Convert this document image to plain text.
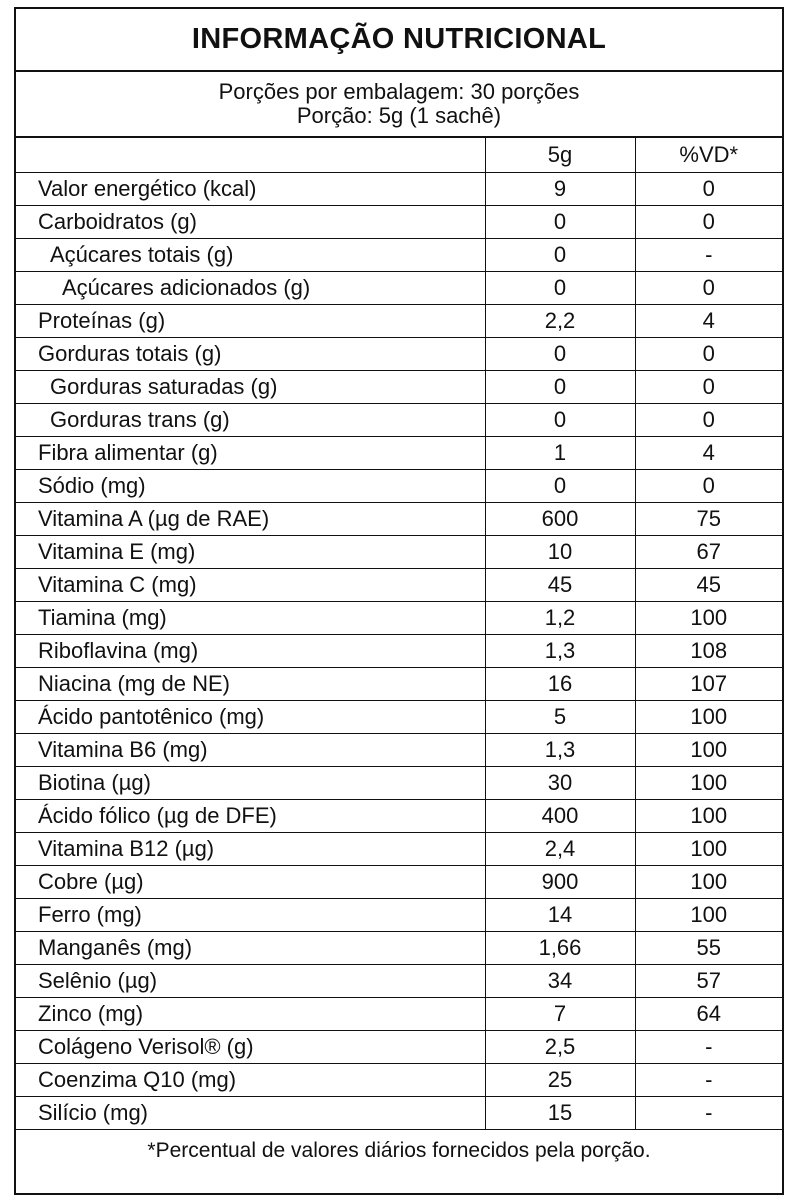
INFORMAÇÃO NUTRICIONAL
Porções por embalagem: 30 porções
Porção: 5g (1 sachê)
	5g	%VD*
Valor energético (kcal)	9	0
Carboidratos (g)	0	0
Açúcares totais (g)	0	-
Açúcares adicionados (g)	0	0
Proteínas (g)	2,2	4
Gorduras totais (g)	0	0
Gorduras saturadas (g)	0	0
Gorduras trans (g)	0	0
Fibra alimentar (g)	1	4
Sódio (mg)	0	0
Vitamina A (µg de RAE)	600	75
Vitamina E (mg)	10	67
Vitamina C (mg)	45	45
Tiamina (mg)	1,2	100
Riboflavina (mg)	1,3	108
Niacina (mg de NE)	16	107
Ácido pantotênico (mg)	5	100
Vitamina B6 (mg)	1,3	100
Biotina (µg)	30	100
Ácido fólico (µg de DFE)	400	100
Vitamina B12 (µg)	2,4	100
Cobre (µg)	900	100
Ferro (mg)	14	100
Manganês (mg)	1,66	55
Selênio (µg)	34	57
Zinco (mg)	7	64
Colágeno Verisol® (g)	2,5	-
Coenzima Q10 (mg)	25	-
Silício (mg)	15	-
*Percentual de valores diários fornecidos pela porção.
